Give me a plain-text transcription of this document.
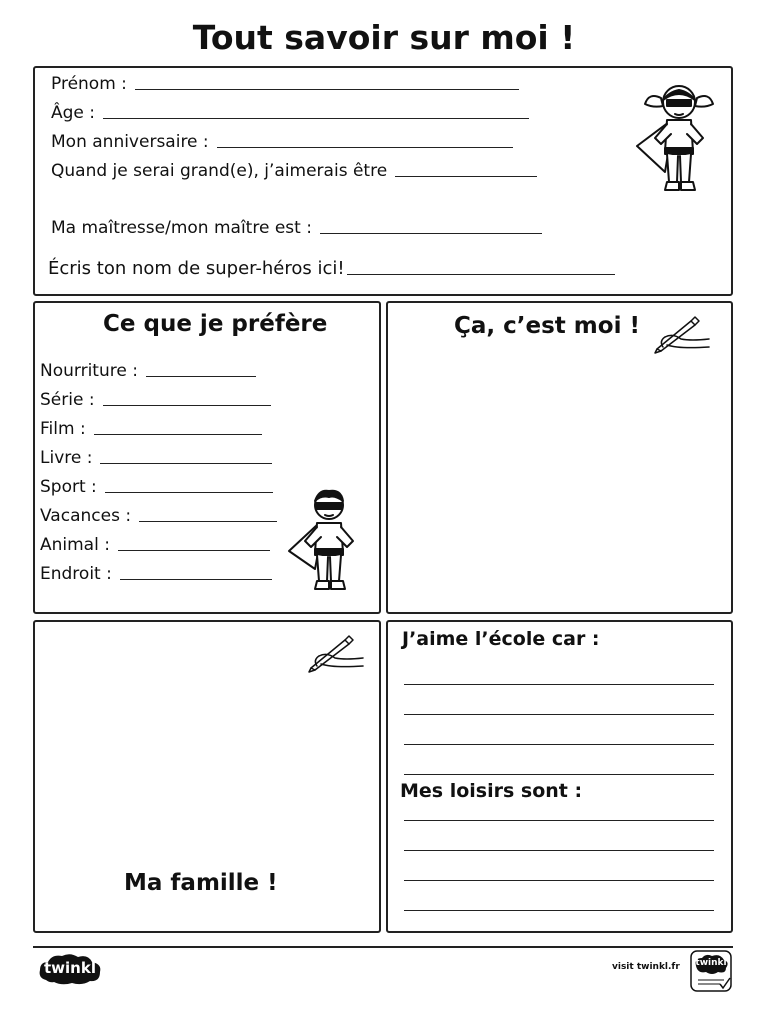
Tout savoir sur moi !
Prénom :
Âge :
Mon anniversaire :
Quand je serai grand(e), j’aimerais être
Ma maîtresse/mon maître est :
Écris ton nom de super-héros ici!
Ce que je préfère
Nourriture :
Série :
Film :
Livre :
Sport :
Vacances :
Animal :
Endroit :
Ça, c’est moi !
Ma famille !
J’aime l’école car :
Mes loisirs sont :
twinkl	visit twinkl.fr	twinkl
